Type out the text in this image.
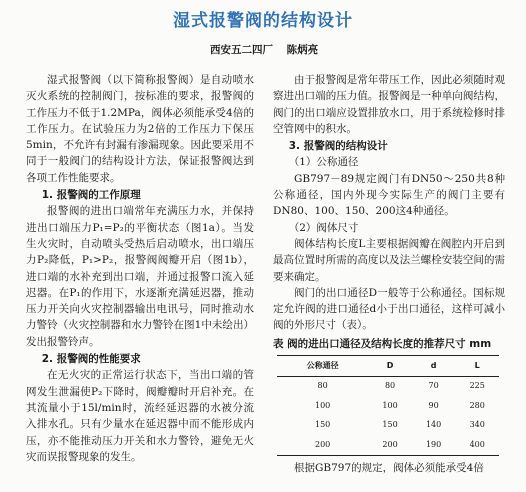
湿式报警阀的结构设计
西安五二四厂 陈炳亮

湿式报警阀（以下简称报警阀）是自动喷水灭火系统的控制阀门，按标准的要求，报警阀的工作压力不低于1.2MPa，阀体必须能承受4倍的工作压力。在试验压力为2倍的工作压力下保压5min，不允许有封漏有渗漏现象。因此要采用不同于一般阀门的结构设计方法，保证报警阀达到各项工作性能要求。

1. 报警阀的工作原理

报警阀的进出口端常年充满压力水，并保持进出口端压力P₁=P₂的平衡状态（图1a）。当发生火灾时，自动喷头受热后启动喷水，出口端压力P₂降低，P₁>P₂，报警阀阀瓣开启（图1b），进口端的水补充到出口端，并通过报警口流入延迟器。在P₁的作用下，水逐渐充满延迟器，推动压力开关向火灾控制器输出电讯号，同时推动水力警铃（火灾控制器和水力警铃在图1中未绘出）发出报警铃声。

2. 报警阀的性能要求

在无火灾的正常运行状态下，当出口端的管网发生泄漏使P₂下降时，阀瓣瓣时开启补充。在其流量小于15l/min时，流经延迟器的水被分流入排水孔。只有少量水在延迟器中而不能形成内压，亦不能推动压力开关和水力警铃，避免无火灾而误报警现象的发生。

由于报警阀是常年带压工作，因此必须随时观察进出口端的压力值。报警阀是一种单向阀结构，阀门的出口端应设置排放水口，用于系统检修时排空管网中的积水。

3. 报警阀的结构设计
（1）公称通径

GB797－89规定阀门有DN50～250共8种公称通径，国内外现今实际生产的阀门主要有DN80、100、150、200这4种通径。

（2）阀体尺寸

阀体结构长度L主要根据阀瓣在阀腔内开启到最高位置时所需的高度以及法兰螺栓安装空间的需要来确定。

阀门的出口通径D一般等于公称通径。国标规定允许阀的进口通径d小于出口通径，这样可减小阀的外形尺寸（表）。

表 阀的进出口通径及结构长度的推荐尺寸 mm
公称通径	D	d	L
80	80	70	225
100	100	90	280
150	150	140	340
200	200	190	400

根据GB797的规定，阀体必须能承受4倍
